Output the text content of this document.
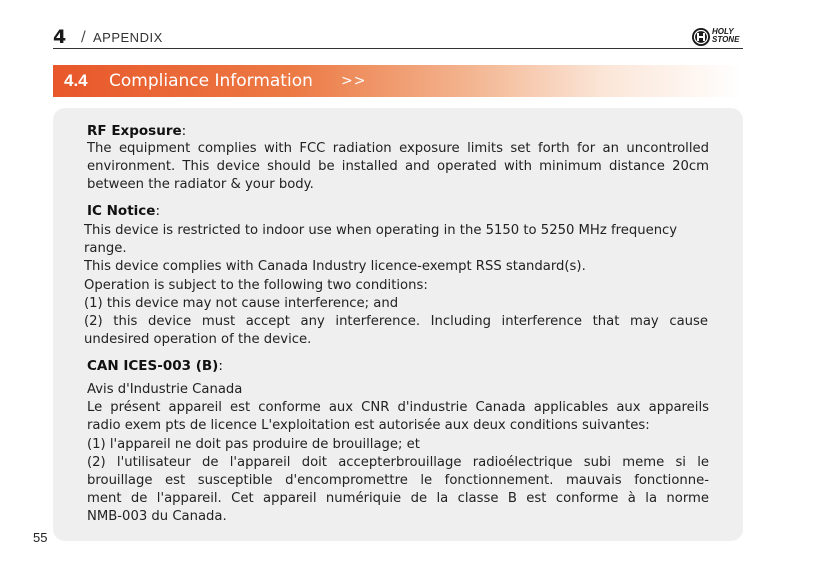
4 / APPENDIX	HOLY
STONE
4.4 Compliance Information >>
RF Exposure:
The equipment complies with FCC radiation exposure limits set forth for an uncontrolled
environment. This device should be installed and operated with minimum distance 20cm
between the radiator & your body.
IC Notice:
This device is restricted to indoor use when operating in the 5150 to 5250 MHz frequency
range.
This device complies with Canada Industry licence-exempt RSS standard(s).
Operation is subject to the following two conditions:
(1) this device may not cause interference; and
(2) this device must accept any interference. Including interference that may cause
undesired operation of the device.
CAN ICES-003 (B):
Avis d'Industrie Canada
Le présent appareil est conforme aux CNR d'industrie Canada applicables aux appareils
radio exem pts de licence L'exploitation est autorisée aux deux conditions suivantes:
(1) l'appareil ne doit pas produire de brouillage; et
(2) l'utilisateur de l'appareil doit accepterbrouillage radioélectrique subi meme si le
brouillage est susceptible d'encompromettre le fonctionnement. mauvais fonctionne-
ment de l'appareil. Cet appareil numériquie de la classe B est conforme à la norme
NMB-003 du Canada.
55
